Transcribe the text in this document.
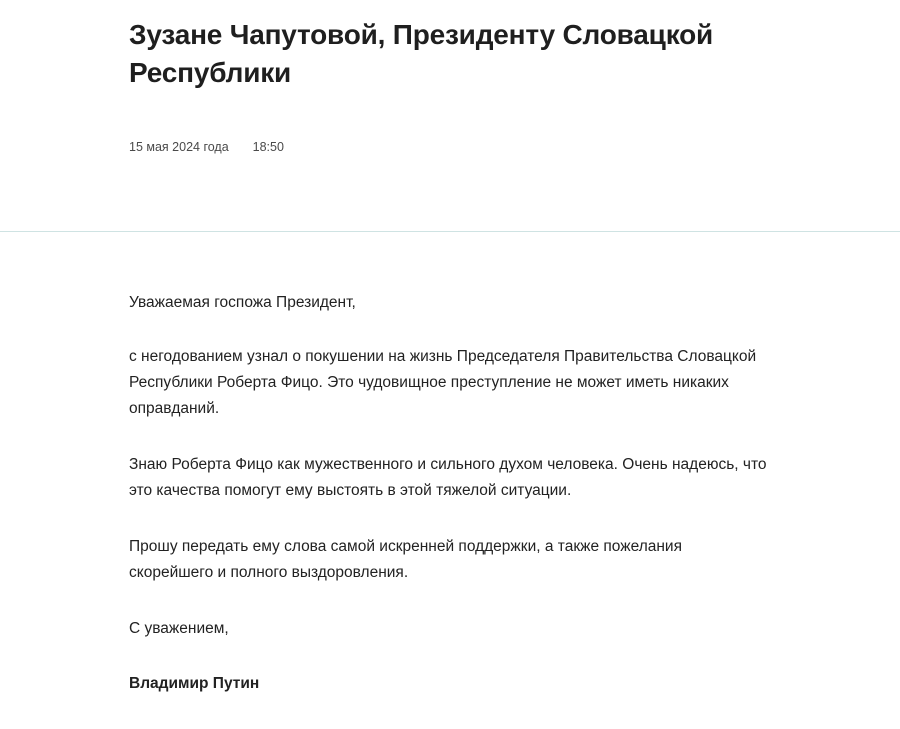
Зузане Чапутовой, Президенту Словацкой Республики
15 мая 2024 года 18:50

Уважаемая госпожа Президент,

с негодованием узнал о покушении на жизнь Председателя Правительства Словацкой Республики Роберта Фицо. Это чудовищное преступление не может иметь никаких оправданий.

Знаю Роберта Фицо как мужественного и сильного духом человека. Очень надеюсь, что это качества помогут ему выстоять в этой тяжелой ситуации.

Прошу передать ему слова самой искренней поддержки, а также пожелания скорейшего и полного выздоровления.

С уважением,

Владимир Путин
